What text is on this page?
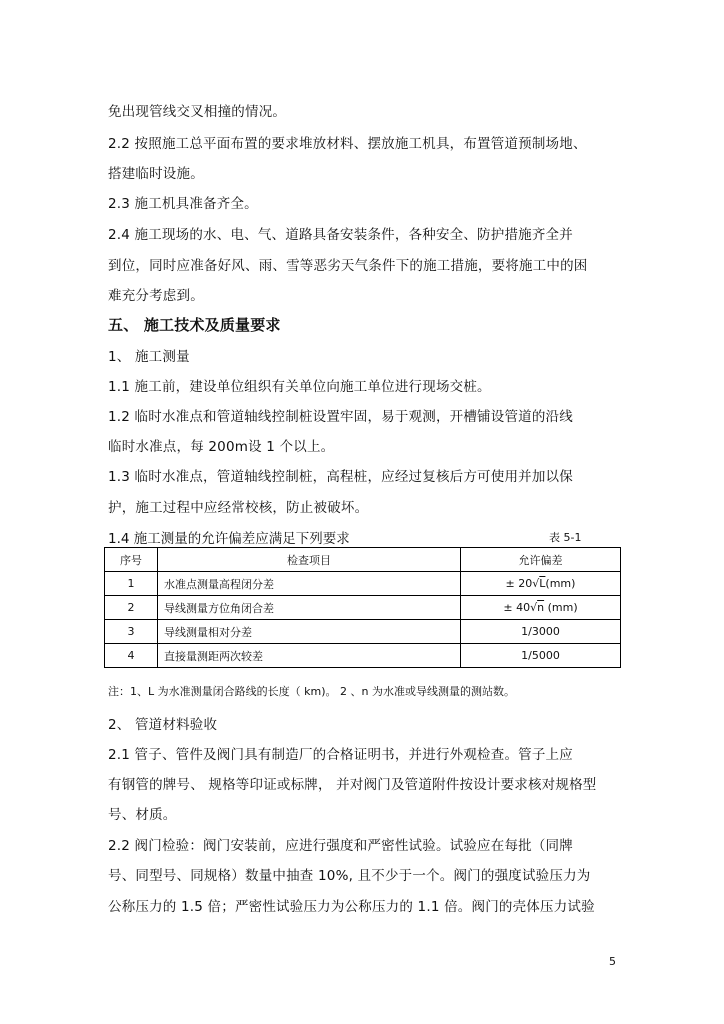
免出现管线交叉相撞的情况。
2.2 按照施工总平面布置的要求堆放材料、摆放施工机具，布置管道预制场地、
搭建临时设施。
2.3 施工机具准备齐全。
2.4 施工现场的水、电、气、道路具备安装条件，各种安全、防护措施齐全并
到位，同时应准备好风、雨、雪等恶劣天气条件下的施工措施，要将施工中的困
难充分考虑到。
五、 施工技术及质量要求
1、 施工测量
1.1 施工前，建设单位组织有关单位向施工单位进行现场交桩。
1.2 临时水准点和管道轴线控制桩设置牢固，易于观测，开槽铺设管道的沿线
临时水准点，每 200m设 1 个以上。
1.3 临时水准点，管道轴线控制桩，高程桩，应经过复核后方可使用并加以保
护，施工过程中应经常校核，防止被破坏。
1.4 施工测量的允许偏差应满足下列要求	表 5-1
序号	检查项目	允许偏差
1	水准点测量高程闭分差	± 20√L(mm)
2	导线测量方位角闭合差	± 40√n (mm)
3	导线测量相对分差	1/3000
4	直接量测距两次较差	1/5000
注：1、L 为水准测量闭合路线的长度（ km)。 2 、n 为水准或导线测量的测站数。
2、 管道材料验收
2.1 管子、管件及阀门具有制造厂的合格证明书，并进行外观检查。管子上应
有钢管的牌号、 规格等印证或标牌， 并对阀门及管道附件按设计要求核对规格型
号、材质。
2.2 阀门检验：阀门安装前，应进行强度和严密性试验。试验应在每批（同牌
号、同型号、同规格）数量中抽查 10%, 且不少于一个。阀门的强度试验压力为
公称压力的 1.5 倍；严密性试验压力为公称压力的 1.1 倍。阀门的壳体压力试验
5
